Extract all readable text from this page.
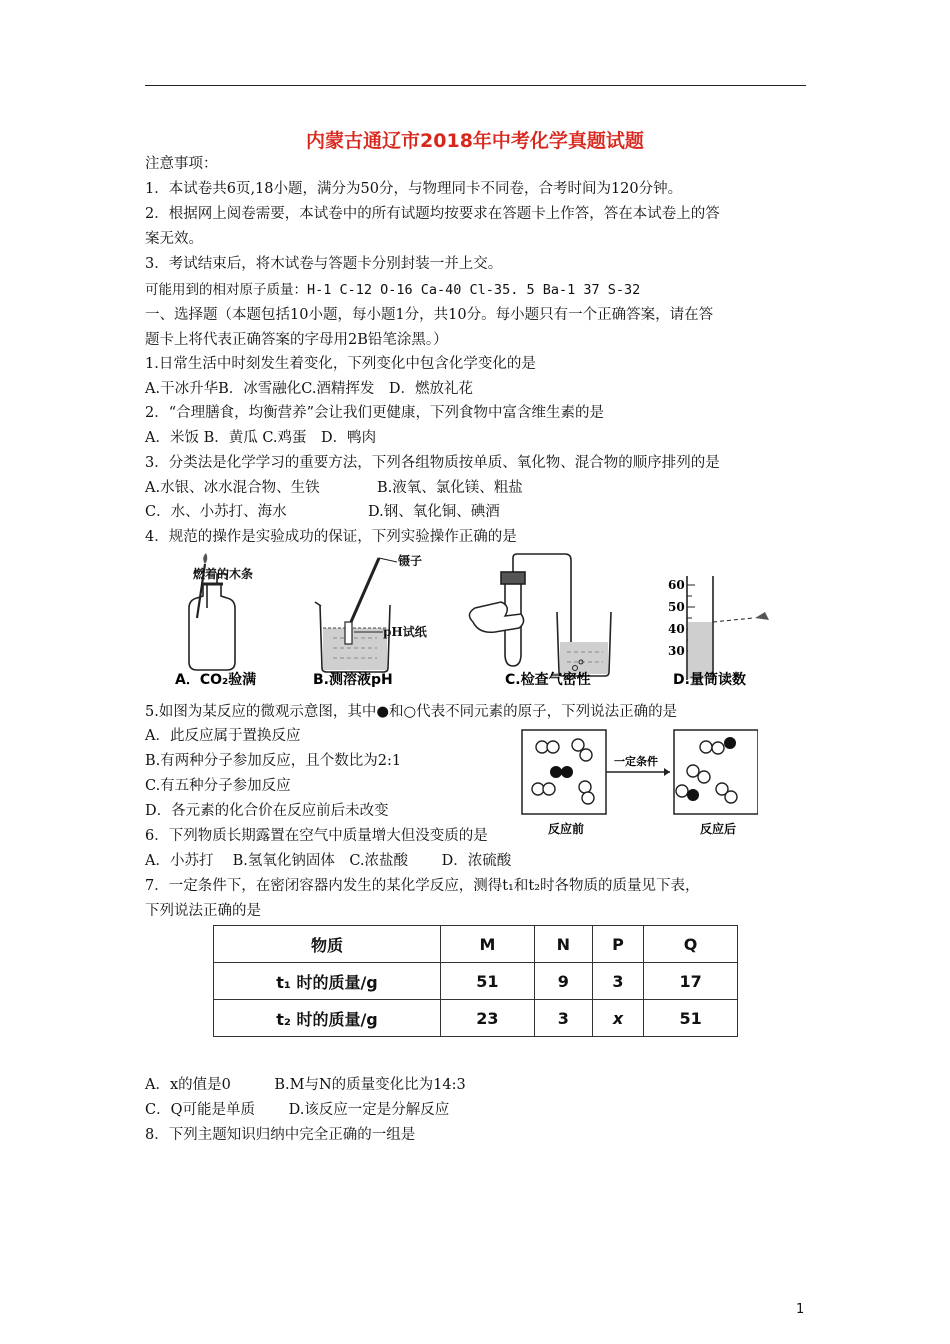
内蒙古通辽市2018年中考化学真题试题
注意事项：
1．本试卷共6页,18小题，满分为50分，与物理同卡不同卷，合考时间为120分钟。
2．根据网上阅卷需要，本试卷中的所有试题均按要求在答题卡上作答，答在本试卷上的答
案无效。
3．考试结束后，将木试卷与答题卡分别封装一并上交。
可能用到的相对原子质量：H-1 C-12 O-16 Ca-40 Cl-35. 5 Ba-1 37 S-32
一、选择题（本题包括10小题，每小题1分，共10分。每小题只有一个正确答案，请在答
题卡上将代表正确答案的字母用2B铅笔涂黑。）
1.日常生活中时刻发生着变化，下列变化中包含化学变化的是
A.干冰升华B．冰雪融化C.酒精挥发　D．燃放礼花
2．“合理膳食，均衡营养”会让我们更健康，下列食物中富含维生素的是
A．米饭 B．黄瓜 C.鸡蛋　D．鸭肉
3．分类法是化学学习的重要方法，下列各组物质按单质、氧化物、混合物的顺序排列的是
A.水银、冰水混合物、生铁	B.液氧、氯化镁、粗盐
C．水、小苏打、海水	D.钢、氧化铜、碘酒
4．规范的操作是实验成功的保证，下列实验操作正确的是
燃着的木条
镊子
pH试纸
60
50
40
30
A．CO₂验满	B.测溶液pH	C.检查气密性	D.量筒读数
5.如图为某反应的微观示意图，其中●和○代表不同元素的原子，下列说法正确的是
A．此反应属于置换反应
B.有两种分子参加反应，且个数比为2:1
C.有五种分子参加反应
D．各元素的化合价在反应前后未改变
一定条件
反应前	反应后
6．下列物质长期露置在空气中质量增大但没变质的是
A．小苏打　 B.氢氧化钠固体　C.浓盐酸　　 D．浓硫酸
7．一定条件下，在密闭容器内发生的某化学反应，测得t₁和t₂时各物质的质量见下表，
下列说法正确的是
物质	M	N	P	Q
t₁ 时的质量/g	51	9	3	17
t₂ 时的质量/g	23	3	x	51
A．x的值是0　　　B.M与N的质量变化比为14:3
C．Q可能是单质　　 D.该反应一定是分解反应
8．下列主题知识归纳中完全正确的一组是
1
